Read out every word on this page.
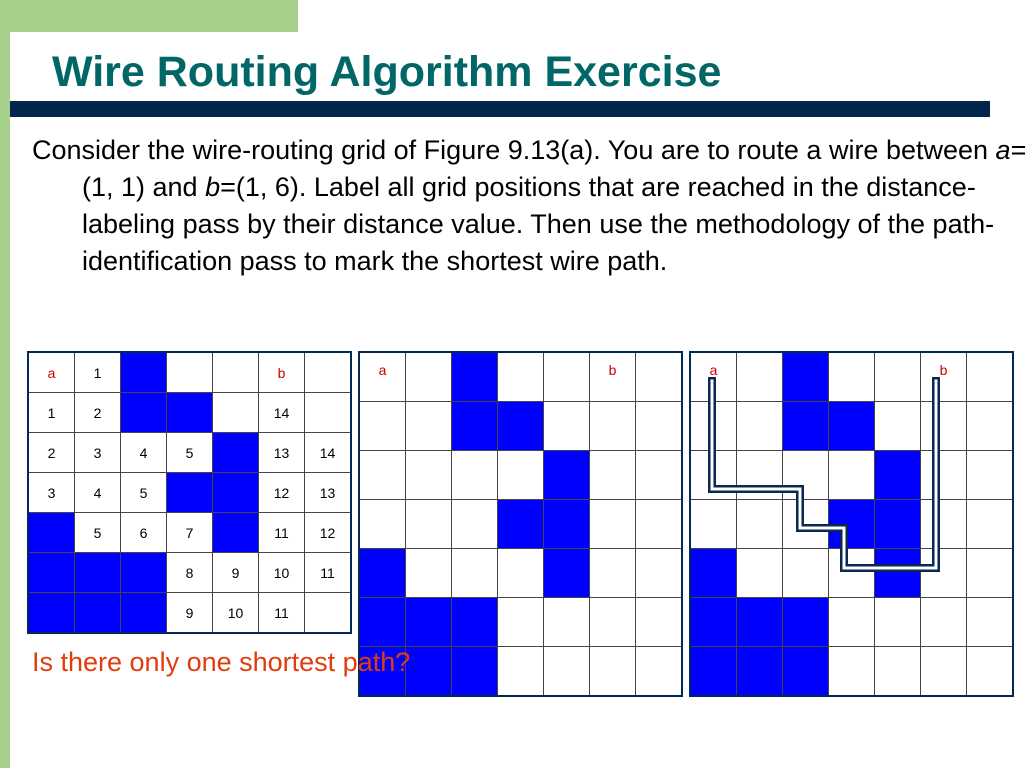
Wire Routing Algorithm Exercise

Consider the wire-routing grid of Figure 9.13(a). You are to route a wire between a=(1, 1) and b=(1, 6). Label all grid positions that are reached in the distance-labeling pass by their distance value. Then use the methodology of the path-identification pass to mark the shortest wire path.

a	1				b	
1	2				14	
2	3	4	5		13	14
3	4	5			12	13
	5	6	7		11	12
			8	9	10	11
			9	10	11	
a					b	

							a					b	

Is there only one shortest path?
